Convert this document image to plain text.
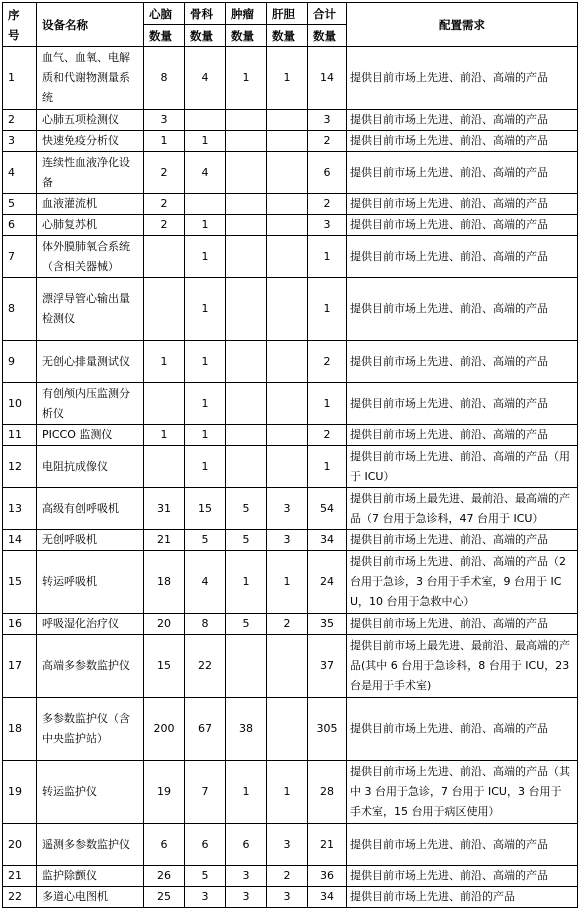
序
号	设备名称	心脑	骨科	肿瘤	肝胆	合计	配置需求
		数量	数量	数量	数量	数量	
1	血气、血氧、电解质和代谢物测量系统	8	4	1	1	14	提供目前市场上先进、前沿、高端的产品
2	心肺五项检测仪	3				3	提供目前市场上先进、前沿、高端的产品
3	快速免疫分析仪	1	1			2	提供目前市场上先进、前沿、高端的产品
4	连续性血液净化设备	2	4			6	提供目前市场上先进、前沿、高端的产品
5	血液灌流机	2				2	提供目前市场上先进、前沿、高端的产品
6	心肺复苏机	2	1			3	提供目前市场上先进、前沿、高端的产品
7	体外膜肺氧合系统（含相关器械）		1			1	提供目前市场上先进、前沿、高端的产品
8	漂浮导管心输出量检测仪		1			1	提供目前市场上先进、前沿、高端的产品
9	无创心排量测试仪	1	1			2	提供目前市场上先进、前沿、高端的产品
10	有创颅内压监测分析仪		1			1	提供目前市场上先进、前沿、高端的产品
11	PICCO 监测仪	1	1			2	提供目前市场上先进、前沿、高端的产品
12	电阻抗成像仪		1			1	提供目前市场上先进、前沿、高端的产品（用于 ICU）
13	高级有创呼吸机	31	15	5	3	54	提供目前市场上最先进、最前沿、最高端的产品（7 台用于急诊科，47 台用于 ICU）
14	无创呼吸机	21	5	5	3	34	提供目前市场上先进、前沿、高端的产品
15	转运呼吸机	18	4	1	1	24	提供目前市场上先进、前沿、高端的产品（2 台用于急诊，3 台用于手术室，9 台用于 ICU，10 台用于急救中心）
16	呼吸湿化治疗仪	20	8	5	2	35	提供目前市场上先进、前沿、高端的产品
17	高端多参数监护仪	15	22			37	提供目前市场上最先进、最前沿、最高端的产品(其中 6 台用于急诊科，8 台用于 ICU，23 台是用于手术室)
18	多参数监护仪（含中央监护站）	200	67	38		305	提供目前市场上先进、前沿、高端的产品
19	转运监护仪	19	7	1	1	28	提供目前市场上先进、前沿、高端的产品（其中 3 台用于急诊，7 台用于 ICU，3 台用于手术室，15 台用于病区使用）
20	遥测多参数监护仪	6	6	6	3	21	提供目前市场上先进、前沿、高端的产品
21	监护除颤仪	26	5	3	2	36	提供目前市场上先进、前沿、高端的产品
22	多道心电图机	25	3	3	3	34	提供目前市场上先进、前沿的产品
